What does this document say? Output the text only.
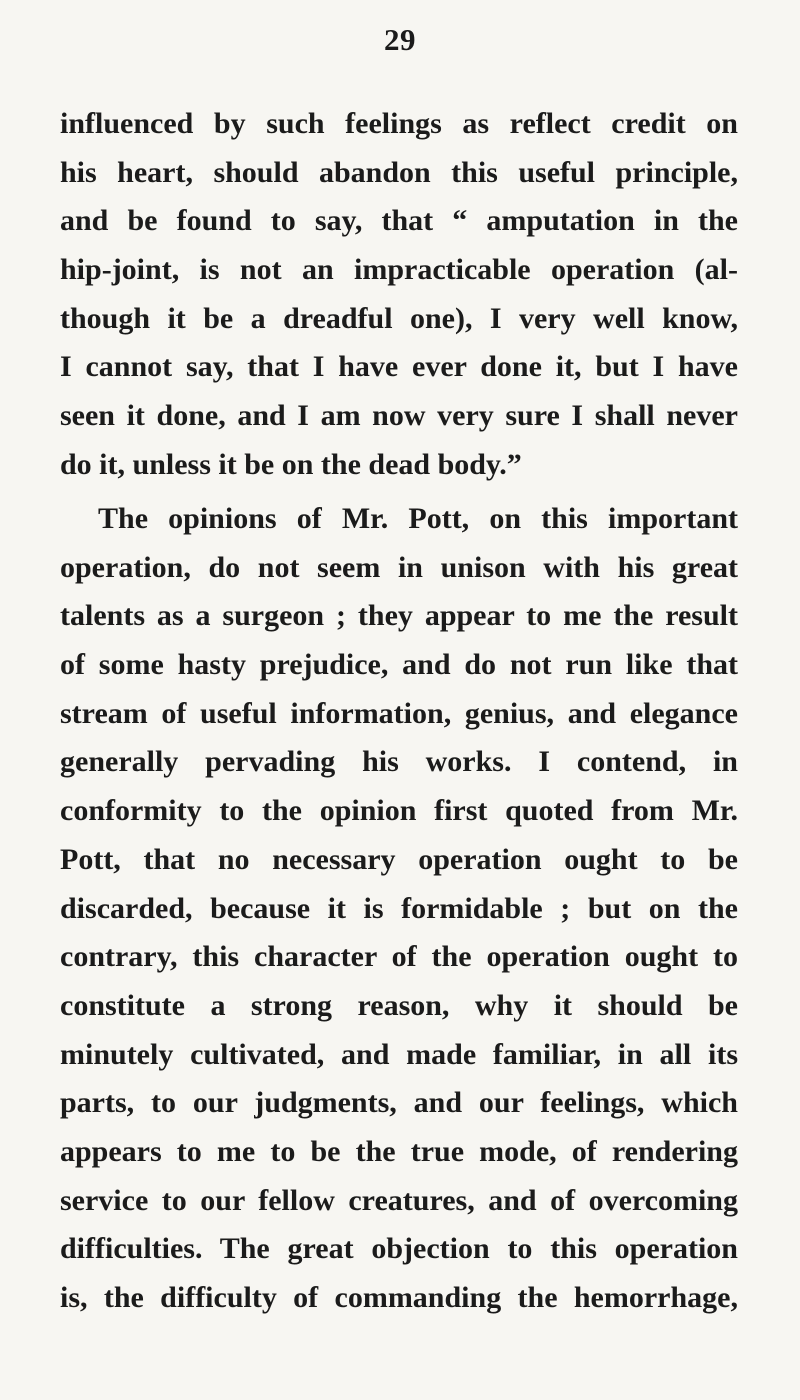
29
influenced by such feelings as reflect credit on
his heart, should abandon this useful principle,
and be found to say, that “ amputation in the
hip-joint, is not an impracticable operation (al-
though it be a dreadful one), I very well know,
I cannot say, that I have ever done it, but I have
seen it done, and I am now very sure I shall never
do it, unless it be on the dead body.”
The opinions of Mr. Pott, on this important
operation, do not seem in unison with his great
talents as a surgeon ; they appear to me the result
of some hasty prejudice, and do not run like that
stream of useful information, genius, and elegance
generally pervading his works. I contend, in
conformity to the opinion first quoted from Mr.
Pott, that no necessary operation ought to be
discarded, because it is formidable ; but on the
contrary, this character of the operation ought to
constitute a strong reason, why it should be
minutely cultivated, and made familiar, in all its
parts, to our judgments, and our feelings, which
appears to me to be the true mode, of rendering
service to our fellow creatures, and of overcoming
difficulties. The great objection to this operation
is, the difficulty of commanding the hemorrhage,
